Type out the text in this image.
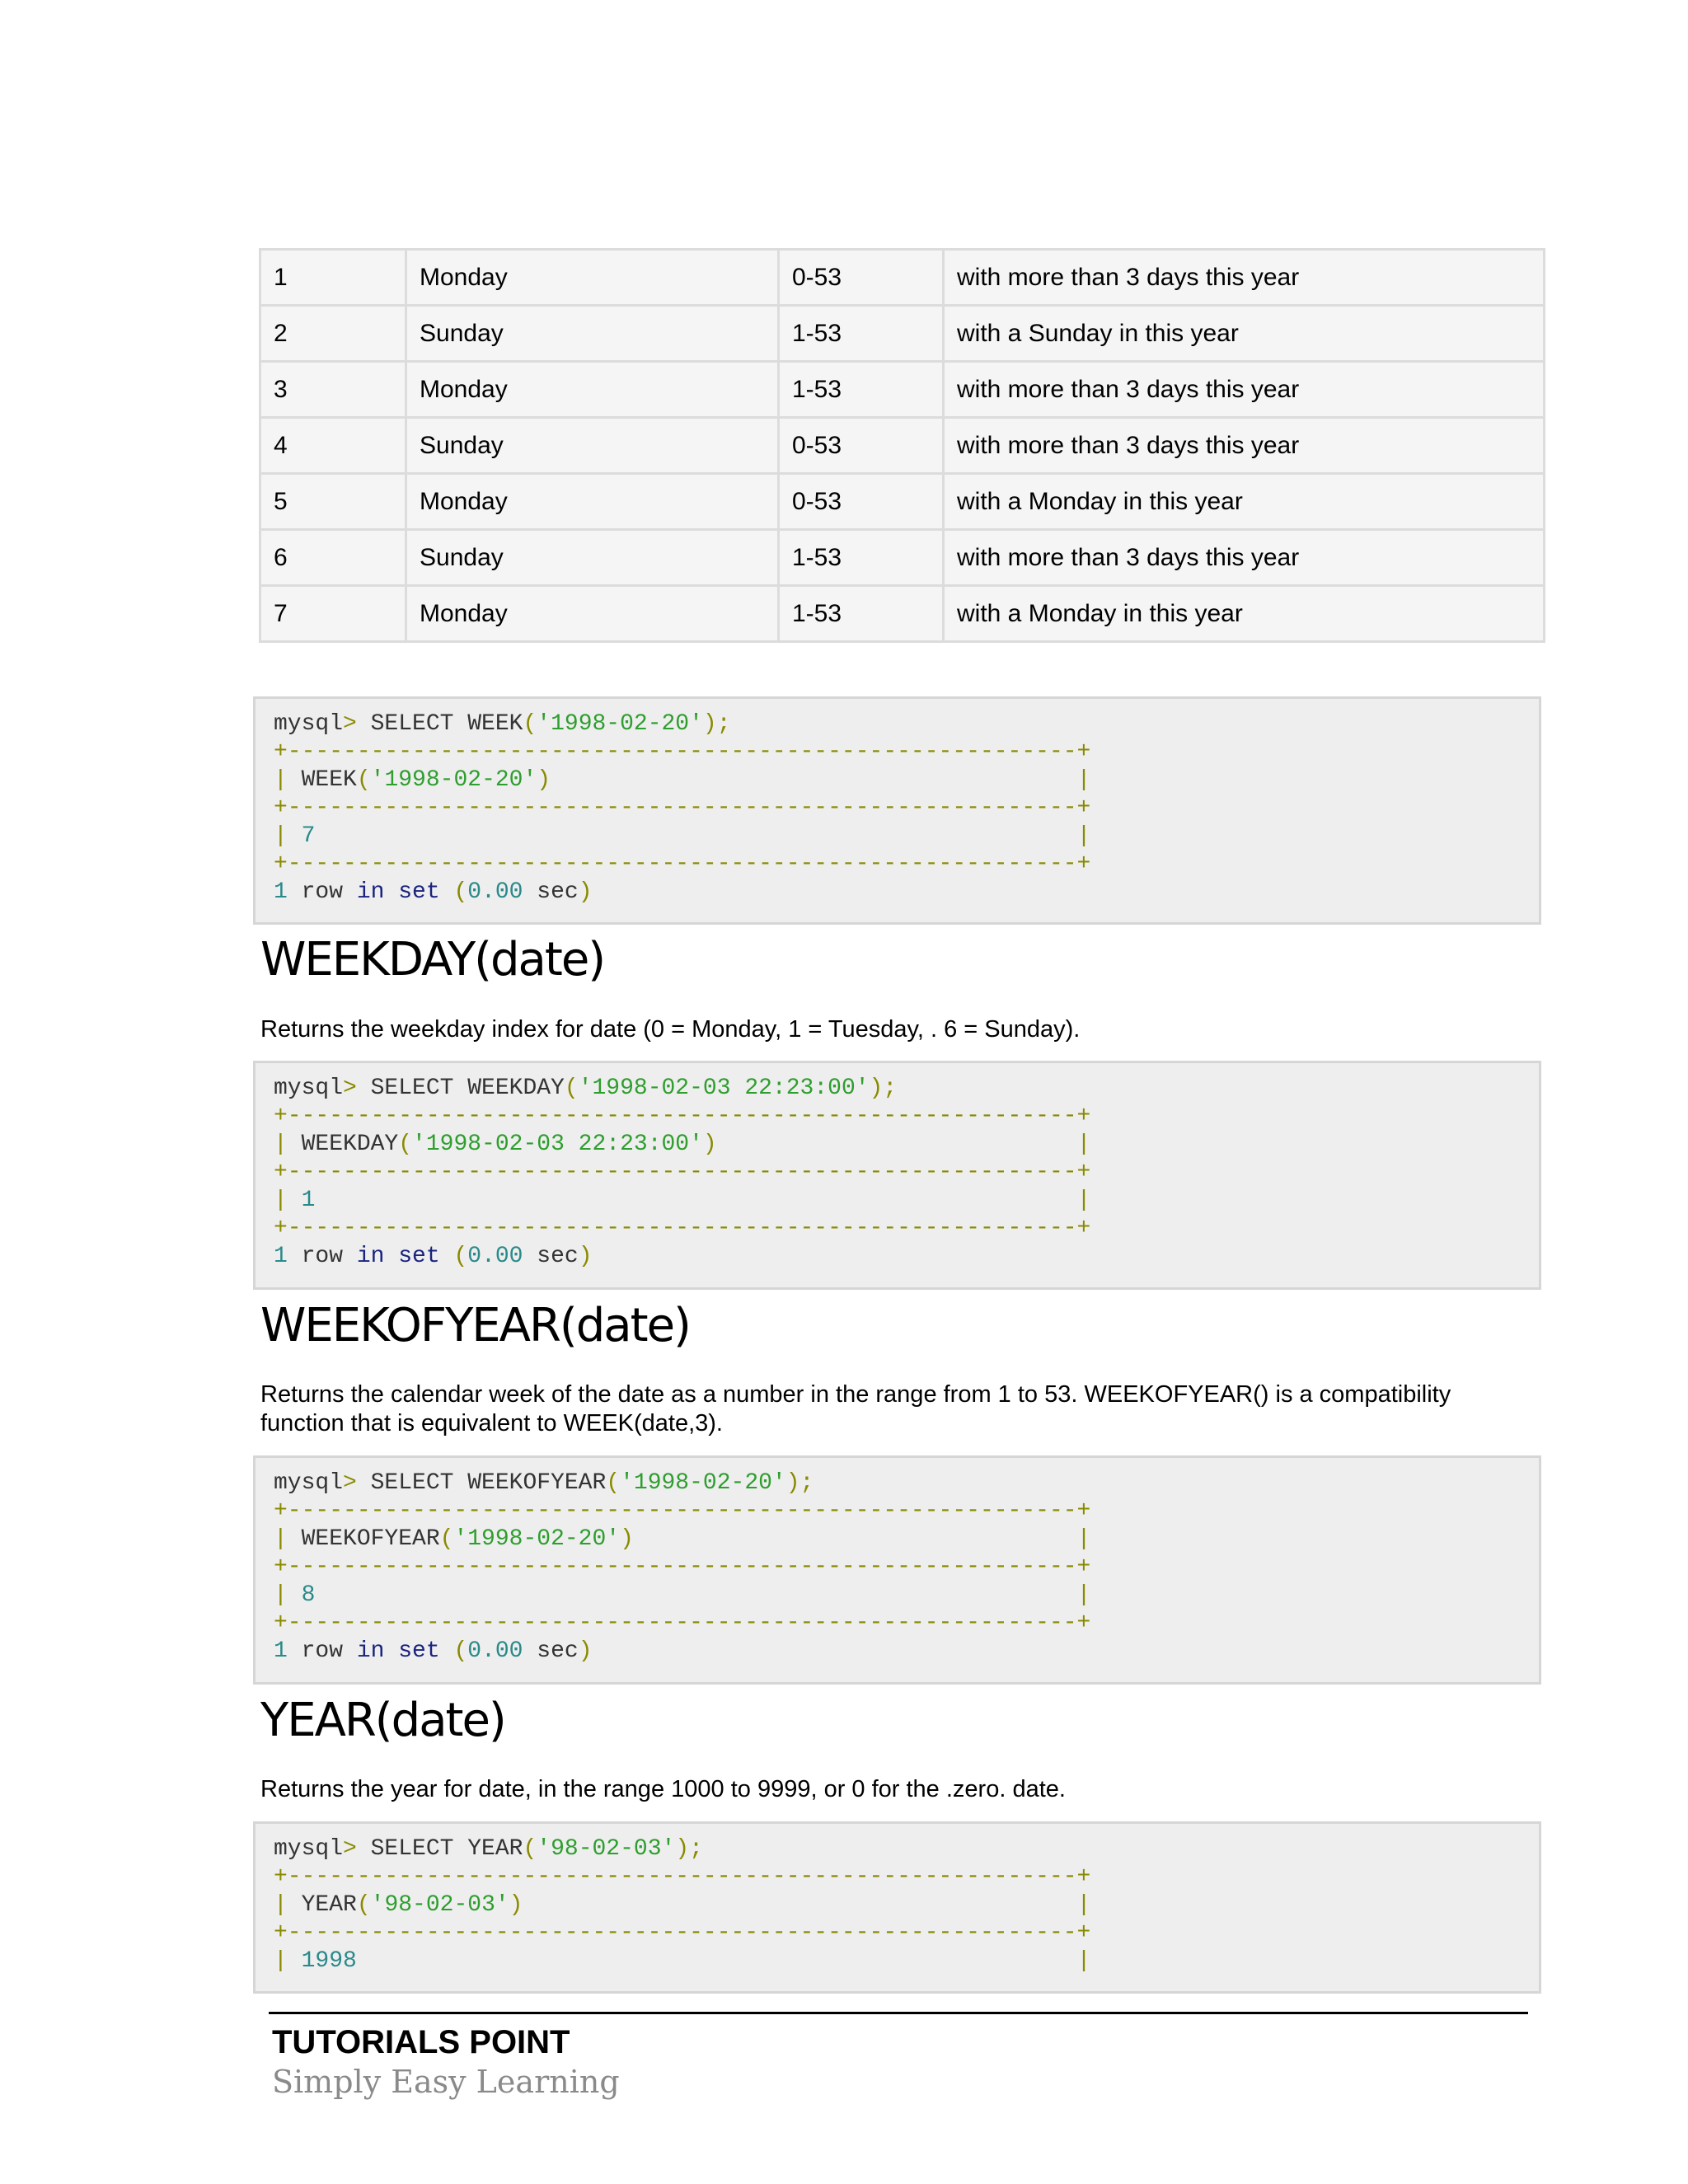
1	Monday	0-53	with more than 3 days this year
2	Sunday	1-53	with a Sunday in this year
3	Monday	1-53	with more than 3 days this year
4	Sunday	0-53	with more than 3 days this year
5	Monday	0-53	with a Monday in this year
6	Sunday	1-53	with more than 3 days this year
7	Monday	1-53	with a Monday in this year
mysql> SELECT WEEK('1998-02-20');
+---------------------------------------------------------+
| WEEK('1998-02-20')                                      |
+---------------------------------------------------------+
| 7                                                       |
+---------------------------------------------------------+
1 row in set (0.00 sec)
WEEKDAY(date)

Returns the weekday index for date (0 = Monday, 1 = Tuesday, . 6 = Sunday).

mysql> SELECT WEEKDAY('1998-02-03 22:23:00');
+---------------------------------------------------------+
| WEEKDAY('1998-02-03 22:23:00')                          |
+---------------------------------------------------------+
| 1                                                       |
+---------------------------------------------------------+
1 row in set (0.00 sec)
WEEKOFYEAR(date)

Returns the calendar week of the date as a number in the range from 1 to 53. WEEKOFYEAR() is a compatibility function that is equivalent to WEEK(date,3).

mysql> SELECT WEEKOFYEAR('1998-02-20');
+---------------------------------------------------------+
| WEEKOFYEAR('1998-02-20')                                |
+---------------------------------------------------------+
| 8                                                       |
+---------------------------------------------------------+
1 row in set (0.00 sec)
YEAR(date)

Returns the year for date, in the range 1000 to 9999, or 0 for the .zero. date.

mysql> SELECT YEAR('98-02-03');
+---------------------------------------------------------+
| YEAR('98-02-03')                                        |
+---------------------------------------------------------+
| 1998                                                    |
TUTORIALS POINT
Simply Easy Learning
